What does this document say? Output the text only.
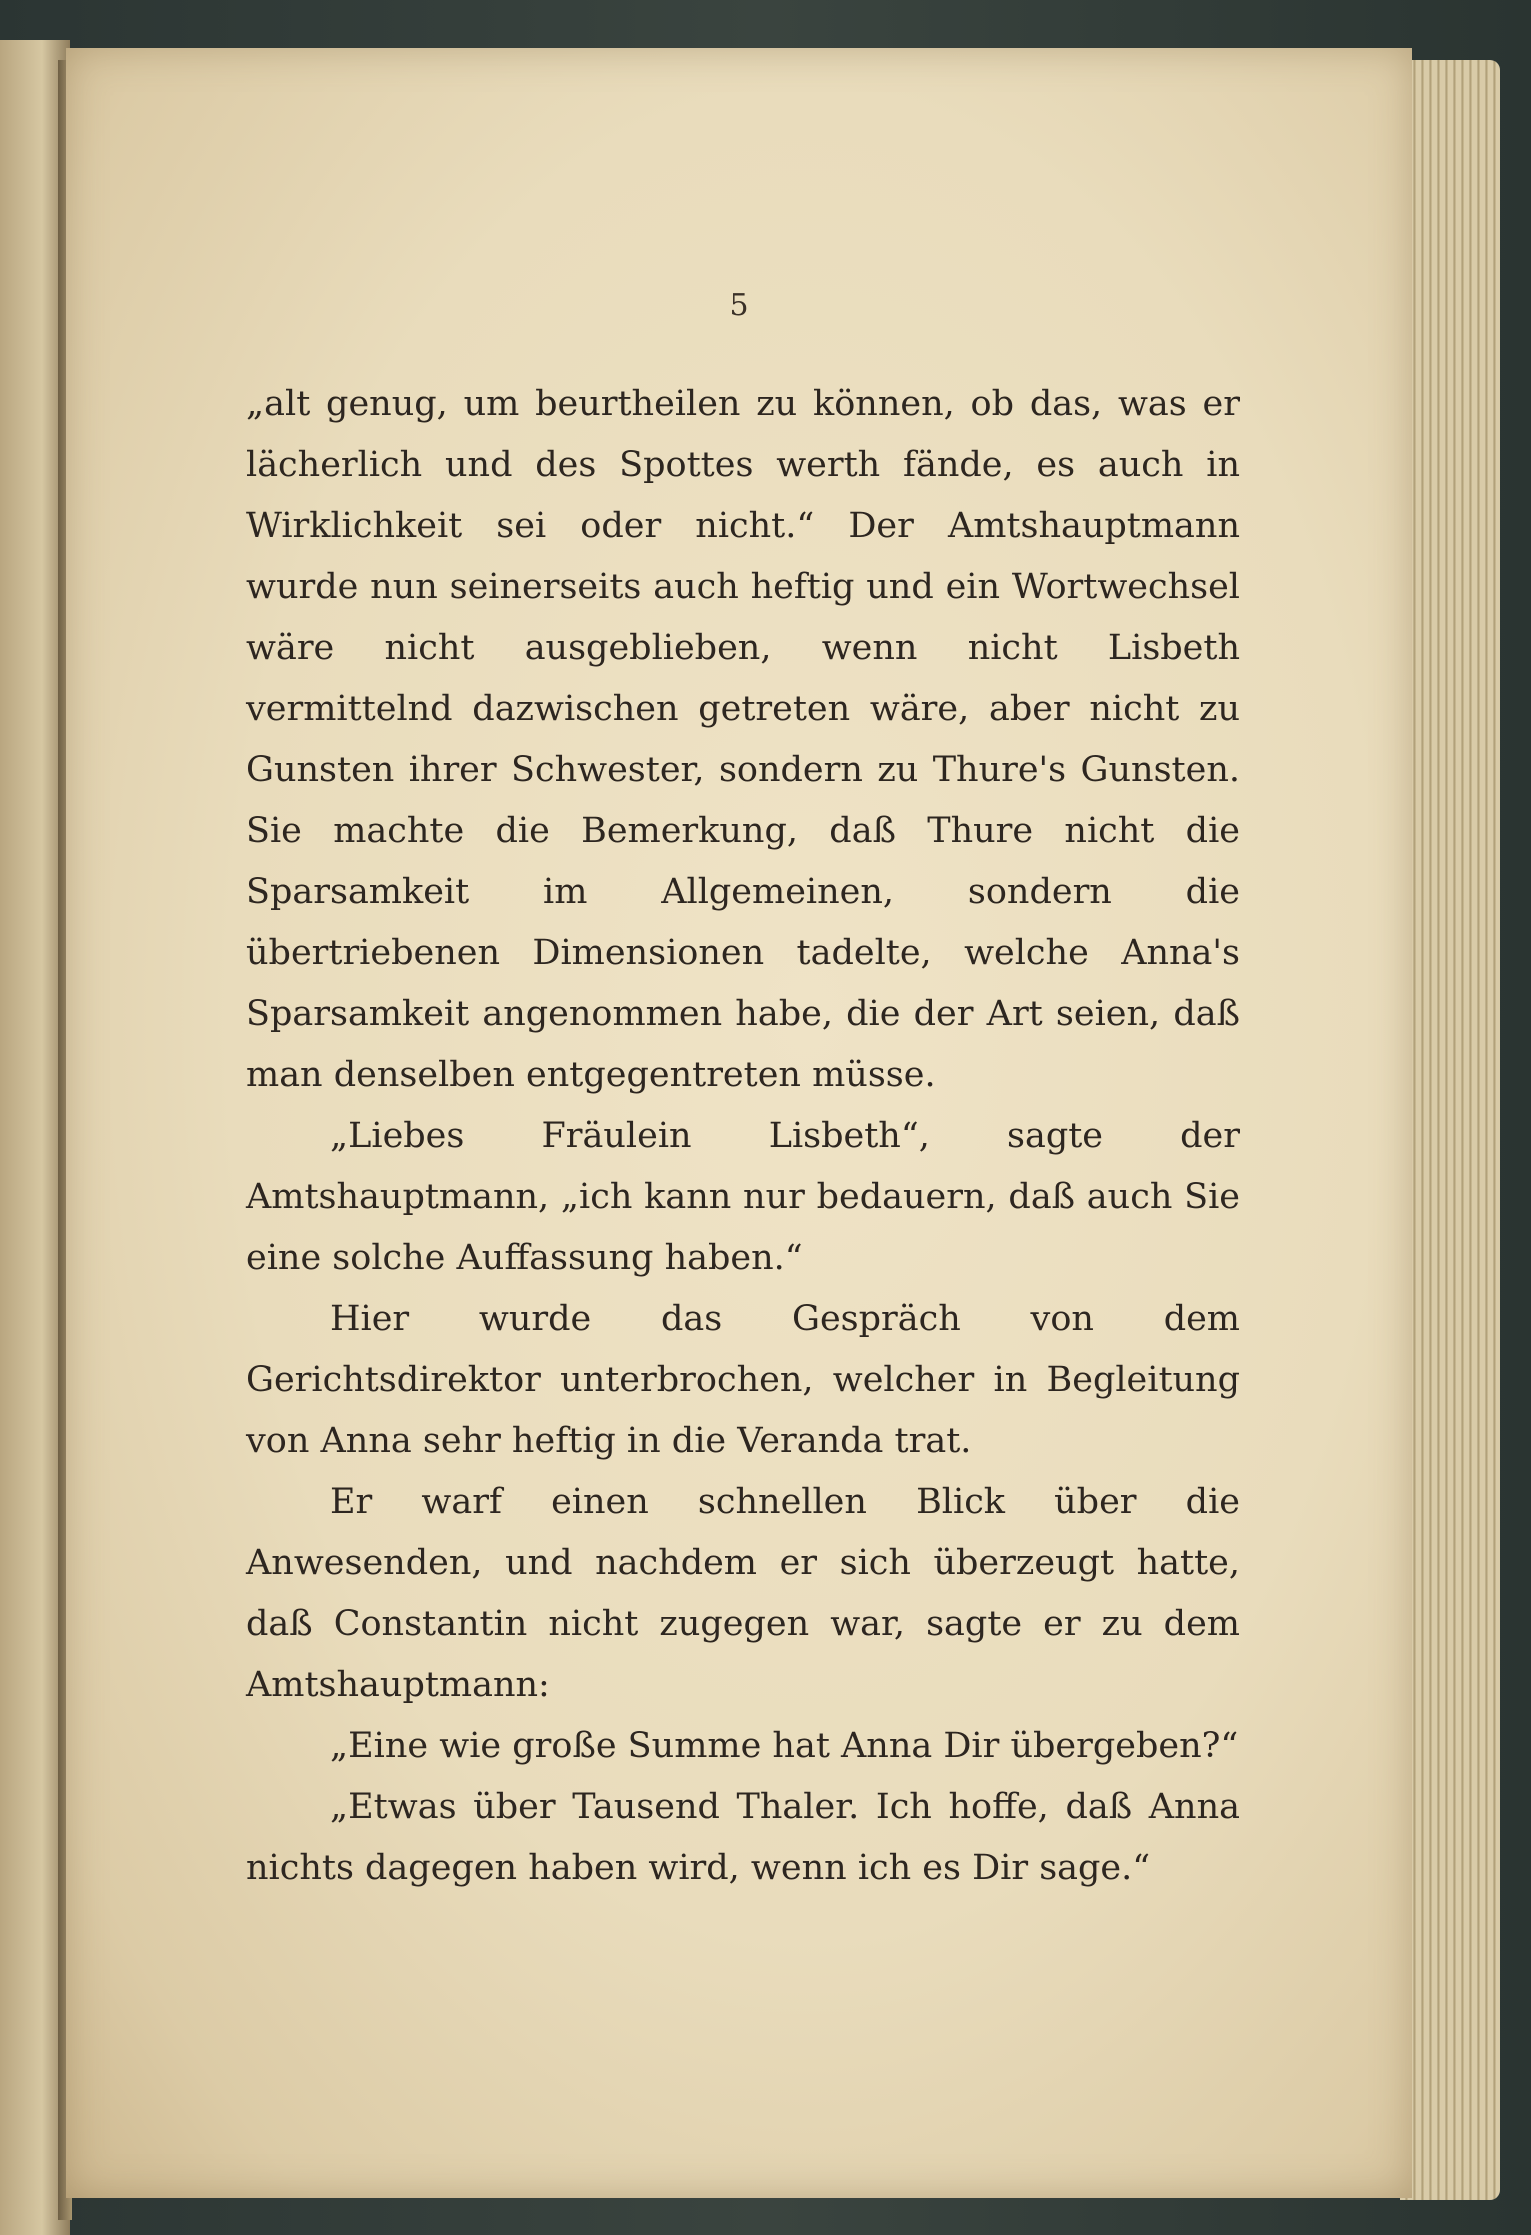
5

„alt genug, um beurtheilen zu können, ob das, was er lächerlich und des Spottes werth fände, es auch in Wirklichkeit sei oder nicht.“ Der Amtshauptmann wurde nun seinerseits auch heftig und ein Wortwechsel wäre nicht ausgeblieben, wenn nicht Lisbeth vermittelnd dazwischen getreten wäre, aber nicht zu Gunsten ihrer Schwester, sondern zu Thure's Gunsten. Sie machte die Bemerkung, daß Thure nicht die Sparsamkeit im Allgemeinen, sondern die übertriebenen Dimensionen tadelte, welche Anna's Sparsamkeit angenommen habe, die der Art seien, daß man denselben entgegentreten müsse.

„Liebes Fräulein Lisbeth“, sagte der Amtshauptmann, „ich kann nur bedauern, daß auch Sie eine solche Auffassung haben.“

Hier wurde das Gespräch von dem Gerichtsdirektor unterbrochen, welcher in Begleitung von Anna sehr heftig in die Veranda trat.

Er warf einen schnellen Blick über die Anwesenden, und nachdem er sich überzeugt hatte, daß Constantin nicht zugegen war, sagte er zu dem Amtshauptmann:

„Eine wie große Summe hat Anna Dir übergeben?“

„Etwas über Tausend Thaler. Ich hoffe, daß Anna nichts dagegen haben wird, wenn ich es Dir sage.“
